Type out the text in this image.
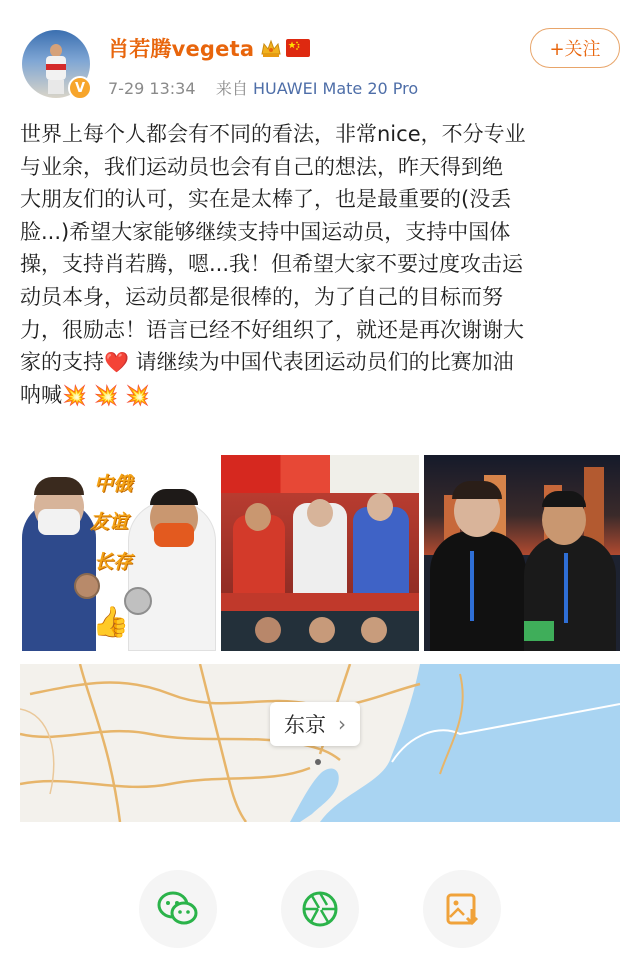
V
肖若腾vegeta
7-29 13:34 来自 HUAWEI Mate 20 Pro
+关注

世界上每个人都会有不同的看法，非常nice，不分专业

与业余，我们运动员也会有自己的想法，昨天得到绝

大朋友们的认可，实在是太棒了，也是最重要的(没丢

脸...)希望大家能够继续支持中国运动员，支持中国体

操，支持肖若腾，嗯...我！但希望大家不要过度攻击运

动员本身，运动员都是很棒的，为了自己的目标而努

力，很励志！语言已经不好组织了，就还是再次谢谢大

家的支持❤️ 请继续为中国代表团运动员们的比赛加油

呐喊💥 💥 💥

中俄
友谊
长存
👍
东京 ›
